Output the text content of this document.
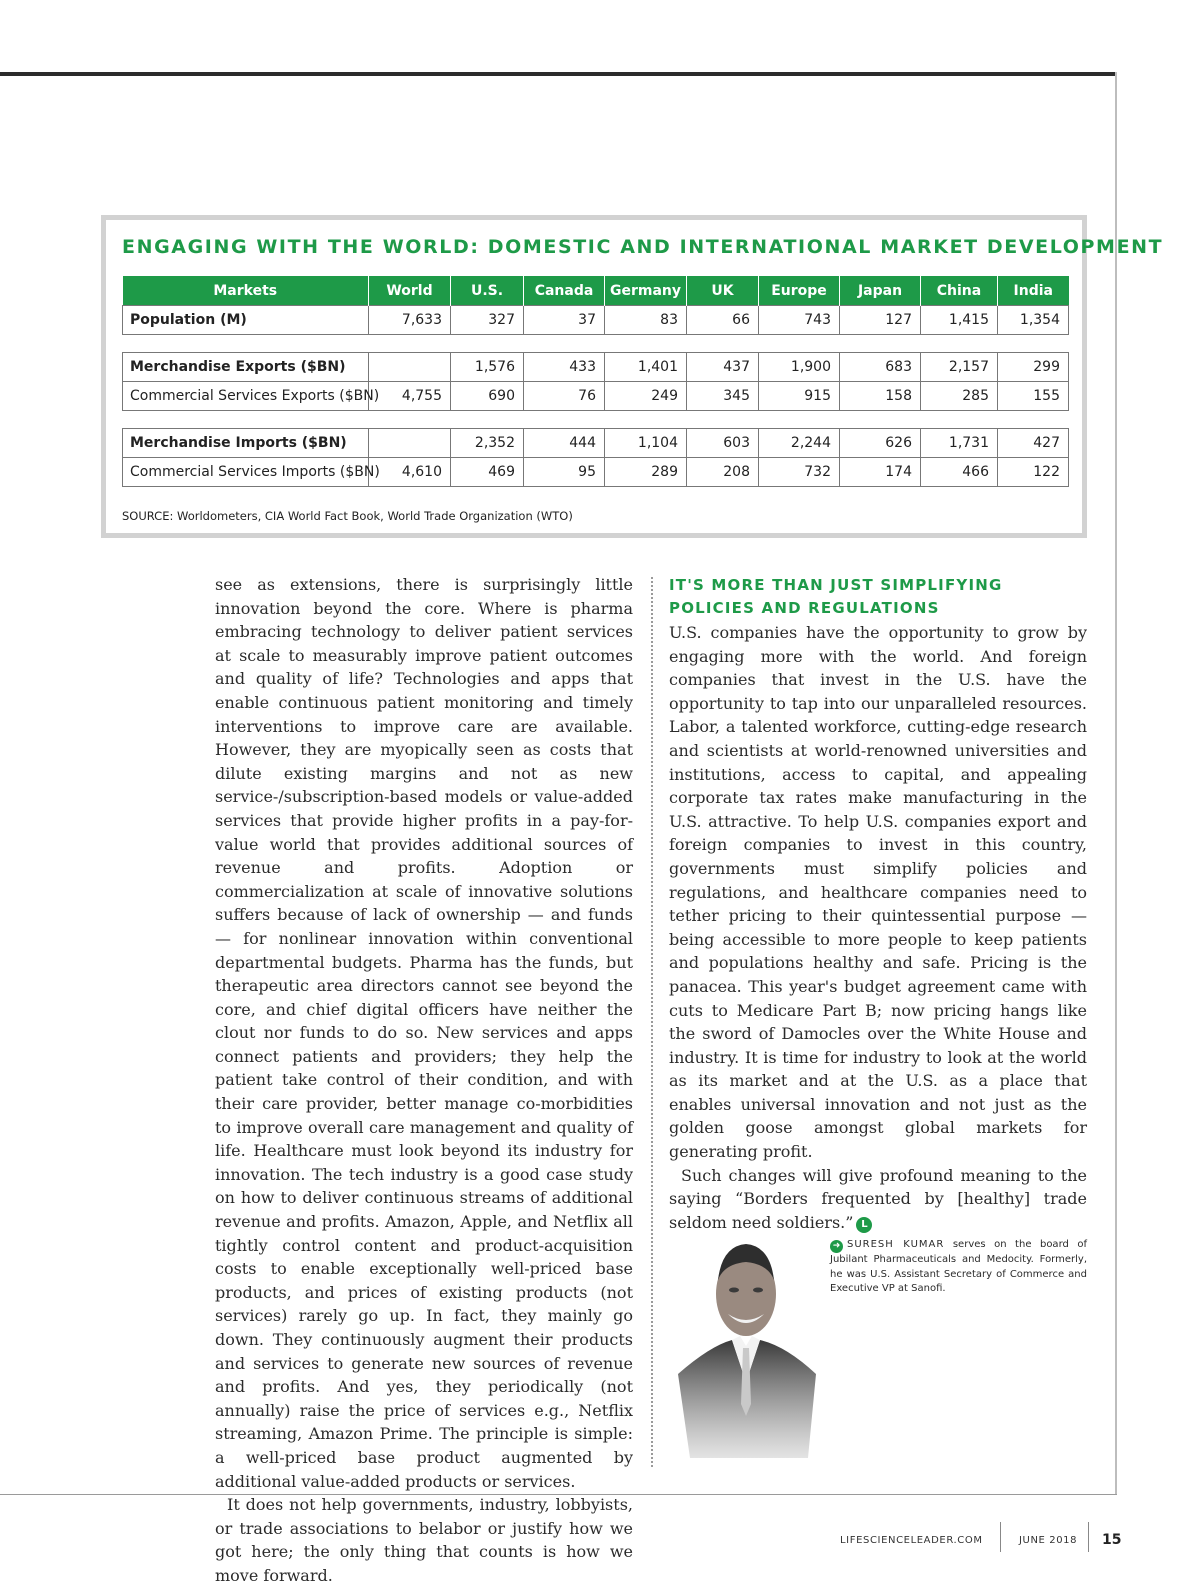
ENGAGING WITH THE WORLD: DOMESTIC AND INTERNATIONAL MARKET DEVELOPMENT
Markets	World	U.S.	Canada	Germany	UK	Europe	Japan	China	India
Population (M)	7,633	327	37	83	66	743	127	1,415	1,354

Merchandise Exports ($BN)		1,576	433	1,401	437	1,900	683	2,157	299
Commercial Services Exports ($BN)	4,755	690	76	249	345	915	158	285	155

Merchandise Imports ($BN)		2,352	444	1,104	603	2,244	626	1,731	427
Commercial Services Imports ($BN)	4,610	469	95	289	208	732	174	466	122
SOURCE: Worldometers, CIA World Fact Book, World Trade Organization (WTO)

see as extensions, there is surprisingly little innovation beyond the core. Where is pharma embracing technology to deliver patient services at scale to measurably improve patient outcomes and quality of life? Technologies and apps that enable continuous patient monitoring and timely interventions to improve care are available. However, they are myopically seen as costs that dilute existing margins and not as new service-/subscription-based models or value-added services that provide higher profits in a pay-for-value world that provides additional sources of revenue and profits. Adoption or commercialization at scale of innovative solutions suffers because of lack of ownership — and funds — for nonlinear innovation within conventional departmental budgets. Pharma has the funds, but therapeutic area directors cannot see beyond the core, and chief digital officers have neither the clout nor funds to do so. New services and apps connect patients and providers; they help the patient take control of their condition, and with their care provider, better manage co-morbidities to improve overall care management and quality of life. Healthcare must look beyond its industry for innovation. The tech industry is a good case study on how to deliver continuous streams of additional revenue and profits. Amazon, Apple, and Netflix all tightly control content and product-acquisition costs to enable exceptionally well-priced base products, and prices of existing products (not services) rarely go up. In fact, they mainly go down. They continuously augment their products and services to generate new sources of revenue and profits. And yes, they periodically (not annually) raise the price of services e.g., Netflix streaming, Amazon Prime. The principle is simple: a well-priced base product augmented by additional value-added products or services.

It does not help governments, industry, lobbyists, or trade associations to belabor or justify how we got here; the only thing that counts is how we move forward.

IT'S MORE THAN JUST SIMPLIFYING POLICIES AND REGULATIONS

U.S. companies have the opportunity to grow by engaging more with the world. And foreign companies that invest in the U.S. have the opportunity to tap into our unparalleled resources. Labor, a talented workforce, cutting-edge research and scientists at world-renowned universities and institutions, access to capital, and appealing corporate tax rates make manufacturing in the U.S. attractive. To help U.S. companies export and foreign companies to invest in this country, governments must simplify policies and regulations, and healthcare companies need to tether pricing to their quintessential purpose — being accessible to more people to keep patients and populations healthy and safe. Pricing is the panacea. This year's budget agreement came with cuts to Medicare Part B; now pricing hangs like the sword of Damocles over the White House and industry. It is time for industry to look at the world as its market and at the U.S. as a place that enables universal innovation and not just as the golden goose amongst global markets for generating profit.

Such changes will give profound meaning to the saying “Borders frequented by [healthy] trade seldom need soldiers.” L

➜ SURESH KUMAR serves on the board of Jubilant Pharmaceuticals and Medocity. Formerly, he was U.S. Assistant Secretary of Commerce and Executive VP at Sanofi.

LIFESCIENCELEADER.COM	JUNE 2018 15
